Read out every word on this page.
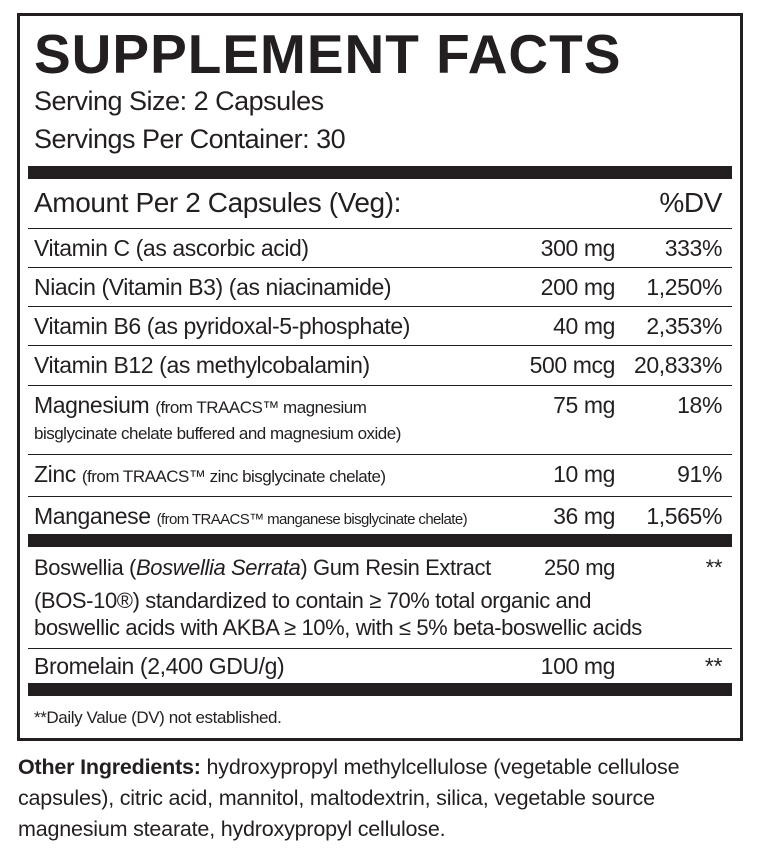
SUPPLEMENT FACTS
Serving Size: 2 Capsules
Servings Per Container: 30
Amount Per 2 Capsules (Veg):	%DV
Vitamin C (as ascorbic acid)	300 mg 333%
Niacin (Vitamin B3) (as niacinamide)	200 mg 1,250%
Vitamin B6 (as pyridoxal-5-phosphate)	40 mg 2,353%
Vitamin B12 (as methylcobalamin)	500 mcg 20,833%
Magnesium (from TRAACS™ magnesium
bisglycinate chelate buffered and magnesium oxide)
75 mg	18%
Zinc (from TRAACS™ zinc bisglycinate chelate)	10 mg	91%
Manganese (from TRAACS™ manganese bisglycinate chelate)	36 mg 1,565%
Boswellia (Boswellia Serrata) Gum Resin Extract
(BOS-10®) standardized to contain ≥ 70% total organic and
boswellic acids with AKBA ≥ 10%, with ≤ 5% beta-boswellic acids
250 mg	**
Bromelain (2,400 GDU/g)	100 mg	**
**Daily Value (DV) not established.
Other Ingredients: hydroxypropyl methylcellulose (vegetable cellulose capsules), citric acid, mannitol, maltodextrin, silica, vegetable source magnesium stearate, hydroxypropyl cellulose.
